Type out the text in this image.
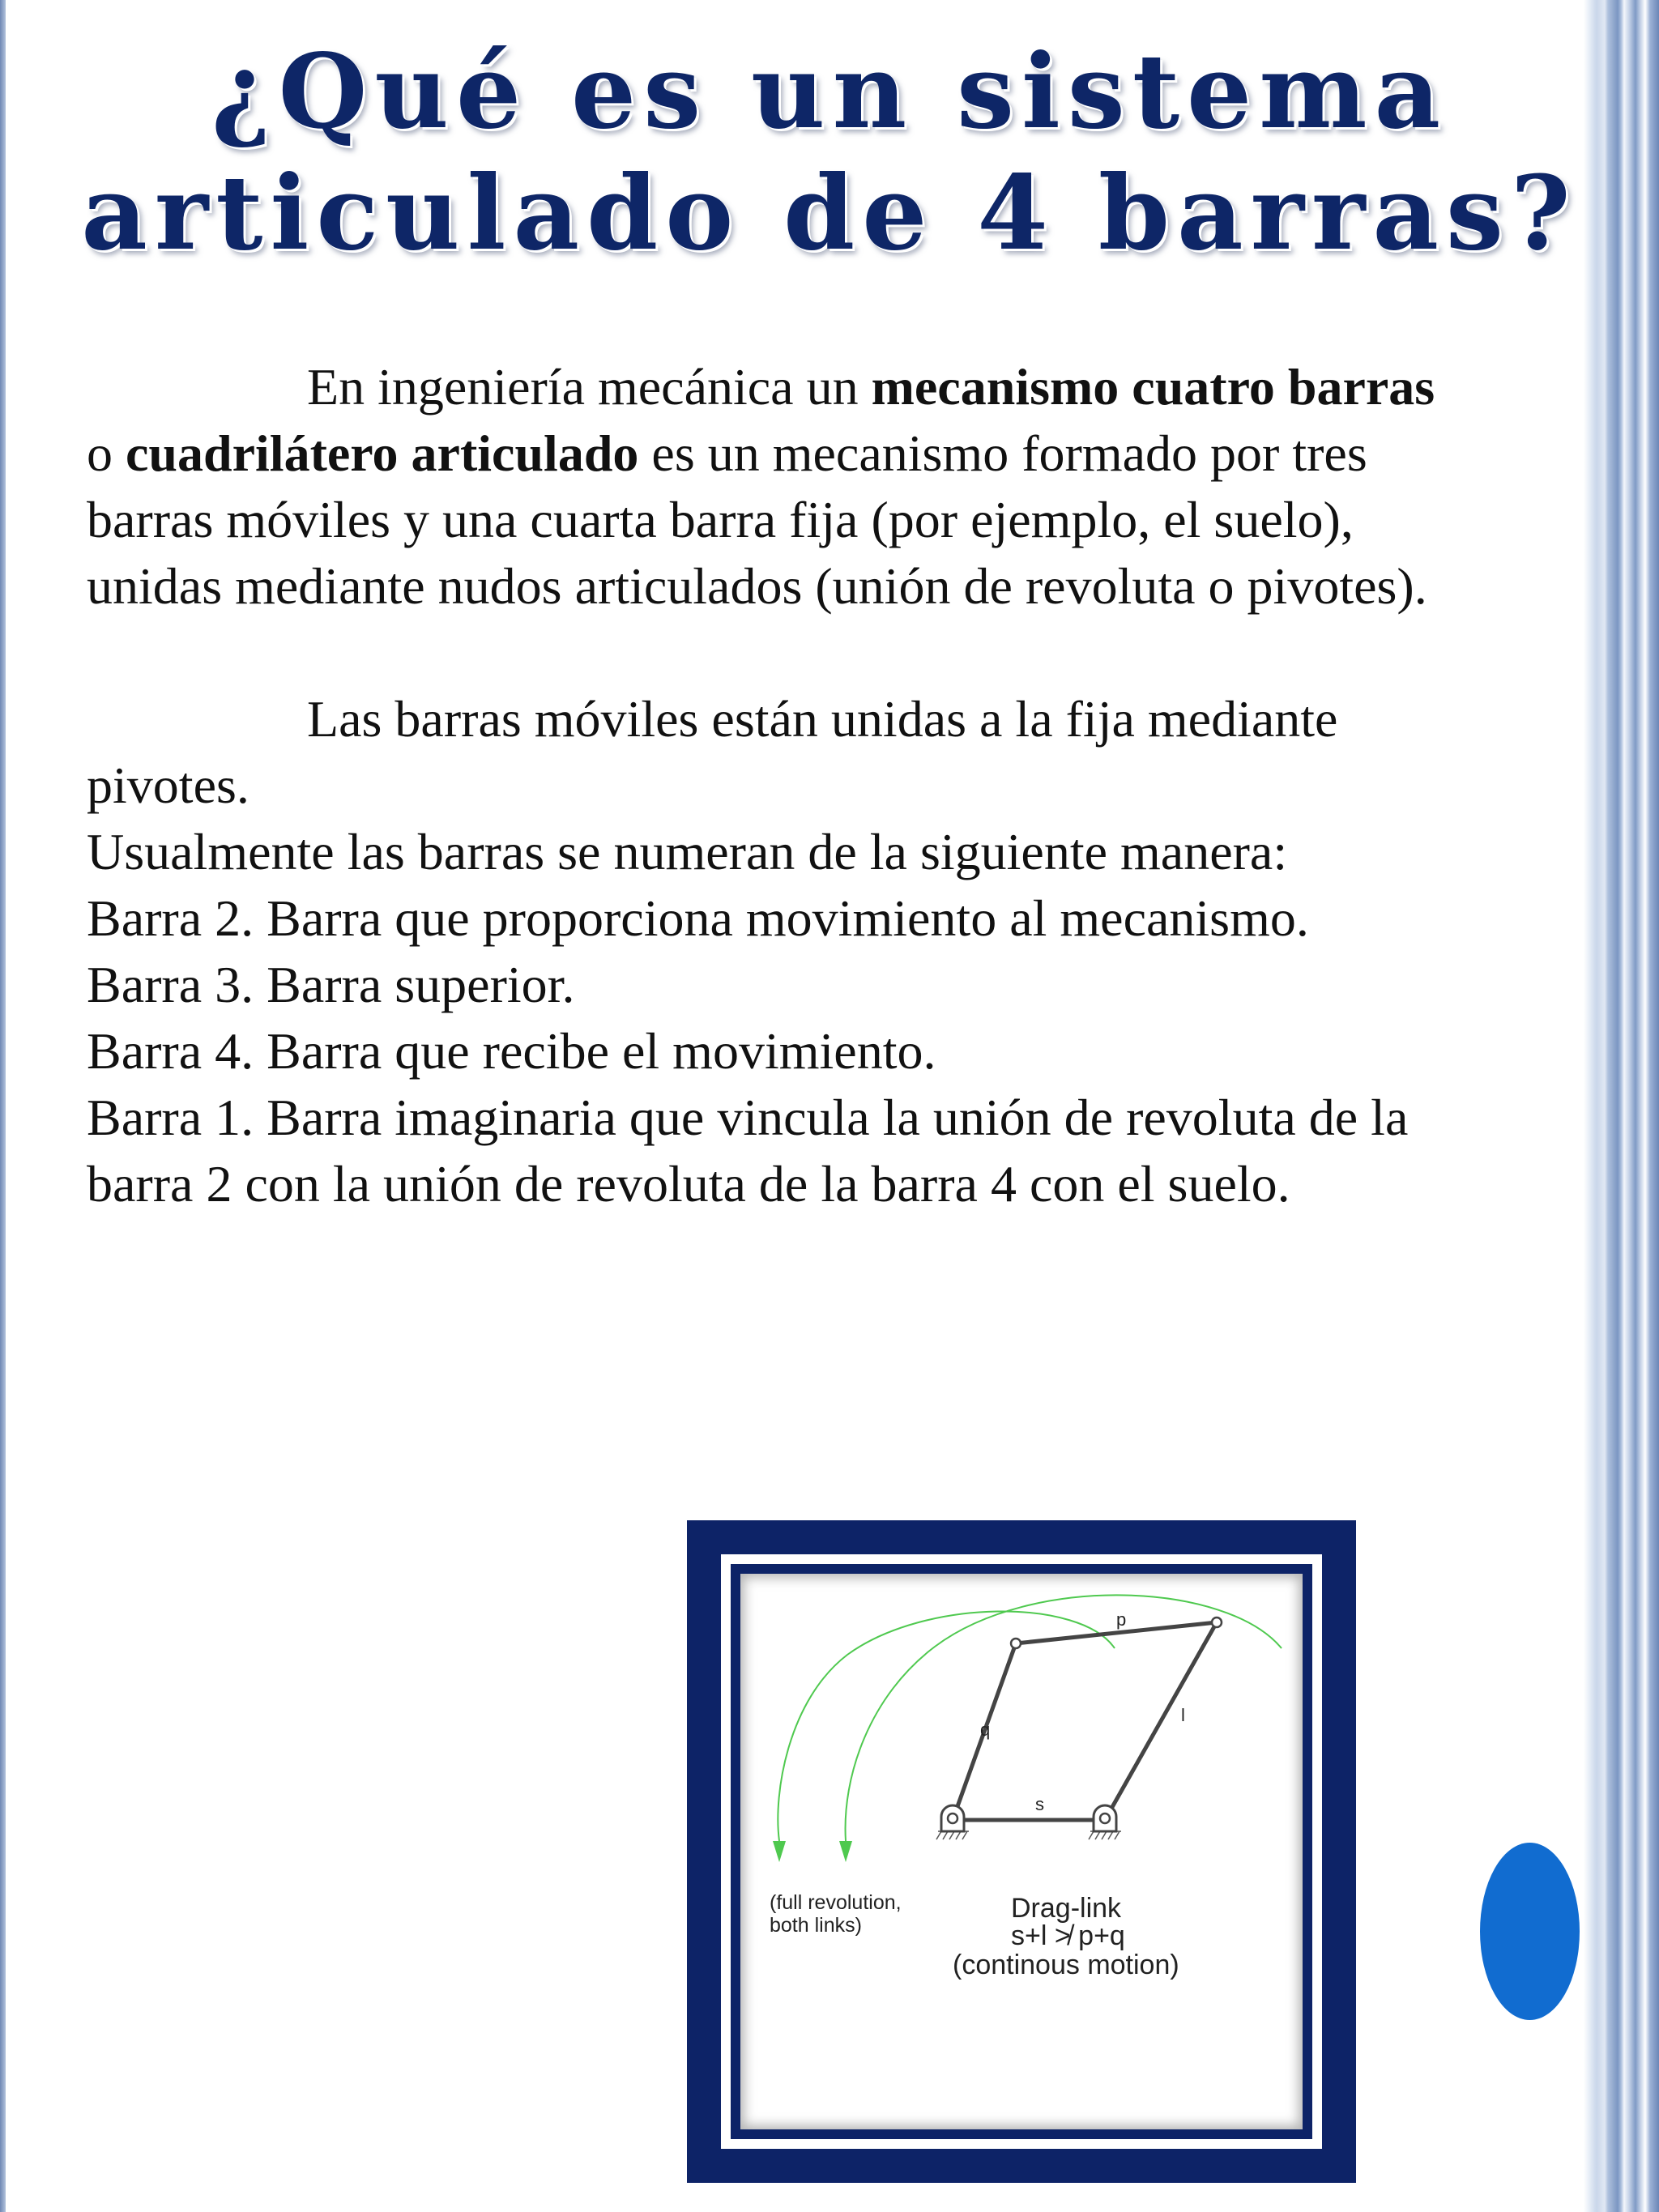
¿Qué es un sistema
articulado de 4 barras?

En ingeniería mecánica un mecanismo cuatro barras o cuadrilátero articulado es un mecanismo formado por tres barras móviles y una cuarta barra fija (por ejemplo, el suelo), unidas mediante nudos articulados (unión de revoluta o pivotes).

Las barras móviles están unidas a la fija mediante pivotes.

Usualmente las barras se numeran de la siguiente manera:

Barra 2. Barra que proporciona movimiento al mecanismo.

Barra 3. Barra superior.

Barra 4. Barra que recibe el movimiento.

Barra 1. Barra imaginaria que vincula la unión de revoluta de la barra 2 con la unión de revoluta de la barra 4 con el suelo.

p
q
s
l
(full revolution,
both links)
Drag-link
s+l ≯ p+q
(continous motion)
